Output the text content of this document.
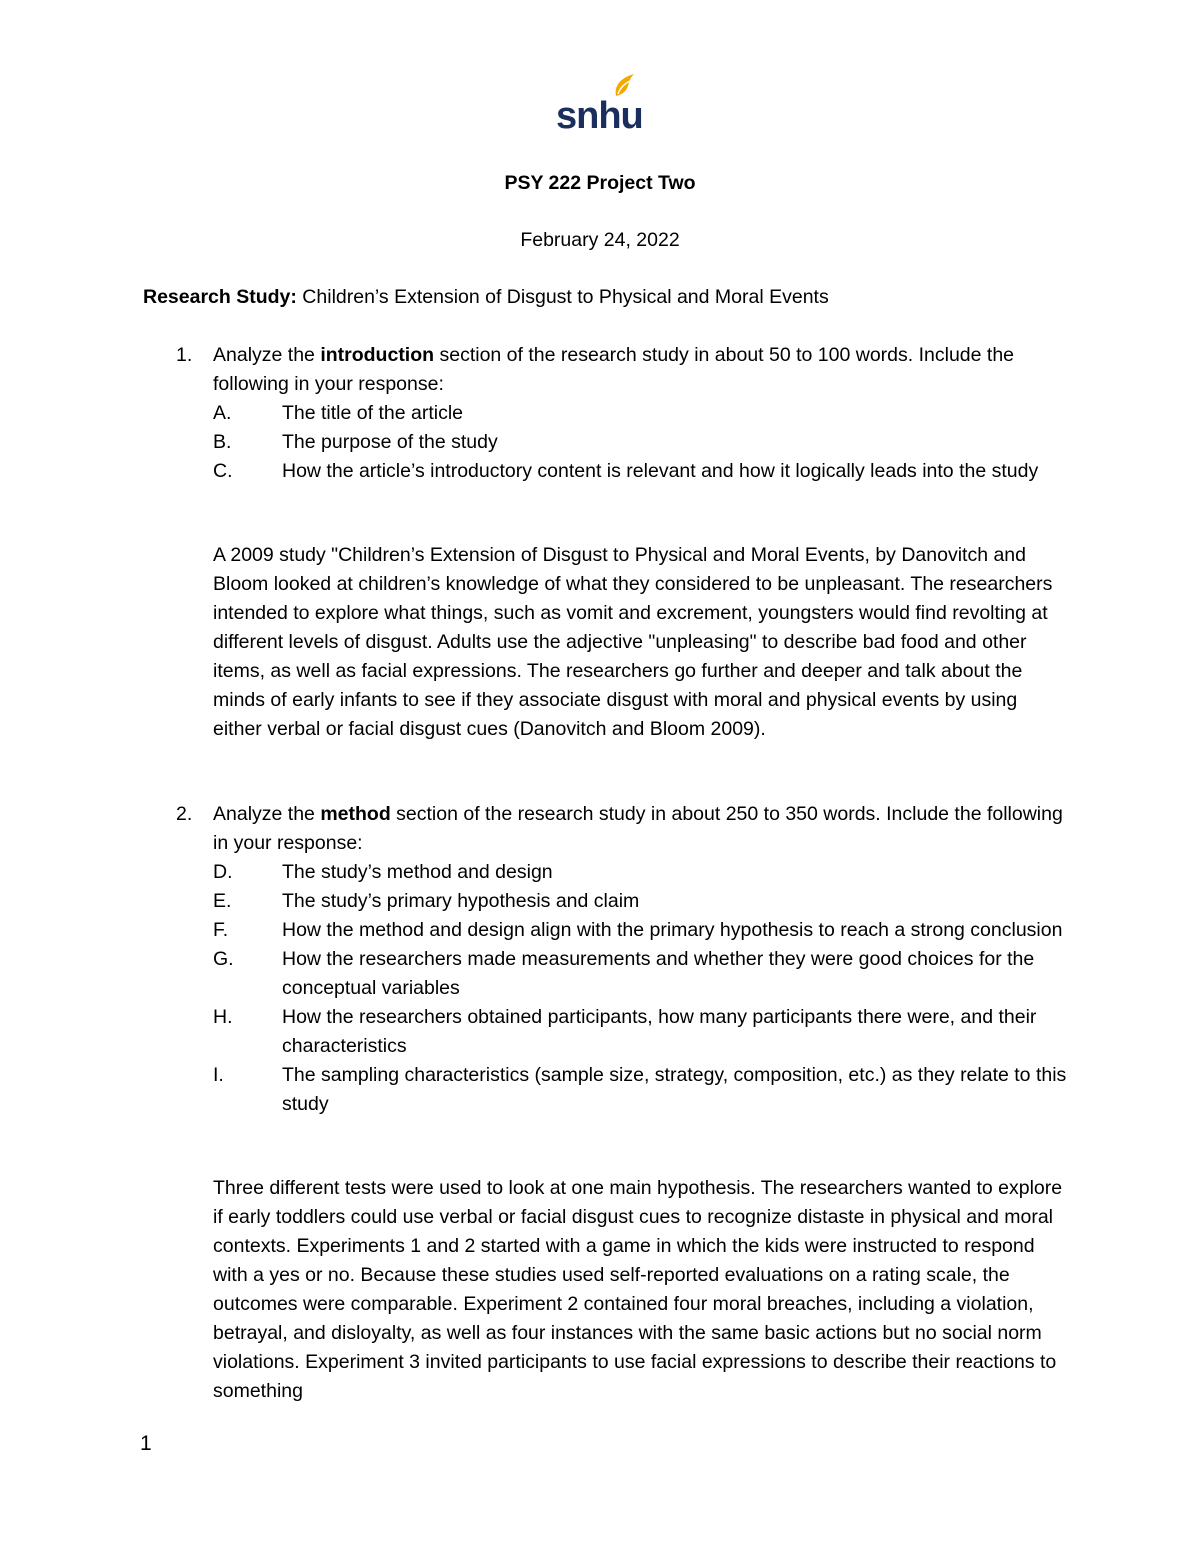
snhu
PSY 222 Project Two
February 24, 2022
Research Study: Children’s Extension of Disgust to Physical and Moral Events
1.	Analyze the introduction section of the research study in about 50 to 100 words. Include the following in your response:
A.	The title of the article
B.	The purpose of the study
C.	How the article’s introductory content is relevant and how it logically leads into the study
A 2009 study "Children’s Extension of Disgust to Physical and Moral Events, by Danovitch and Bloom looked at children’s knowledge of what they considered to be unpleasant. The researchers intended to explore what things, such as vomit and excrement, youngsters would find revolting at different levels of disgust. Adults use the adjective "unpleasing" to describe bad food and other items, as well as facial expressions. The researchers go further and deeper and talk about the minds of early infants to see if they associate disgust with moral and physical events by using either verbal or facial disgust cues (Danovitch and Bloom 2009).
2.	Analyze the method section of the research study in about 250 to 350 words. Include the following in your response:
D.	The study’s method and design
E.	The study’s primary hypothesis and claim
F.	How the method and design align with the primary hypothesis to reach a strong conclusion
G.	How the researchers made measurements and whether they were good choices for the conceptual variables
H.	How the researchers obtained participants, how many participants there were, and their characteristics
I.	The sampling characteristics (sample size, strategy, composition, etc.) as they relate to this study
Three different tests were used to look at one main hypothesis. The researchers wanted to explore if early toddlers could use verbal or facial disgust cues to recognize distaste in physical and moral contexts. Experiments 1 and 2 started with a game in which the kids were instructed to respond with a yes or no. Because these studies used self-reported evaluations on a rating scale, the outcomes were comparable. Experiment 2 contained four moral breaches, including a violation, betrayal, and disloyalty, as well as four instances with the same basic actions but no social norm violations. Experiment 3 invited participants to use facial expressions to describe their reactions to something
1
